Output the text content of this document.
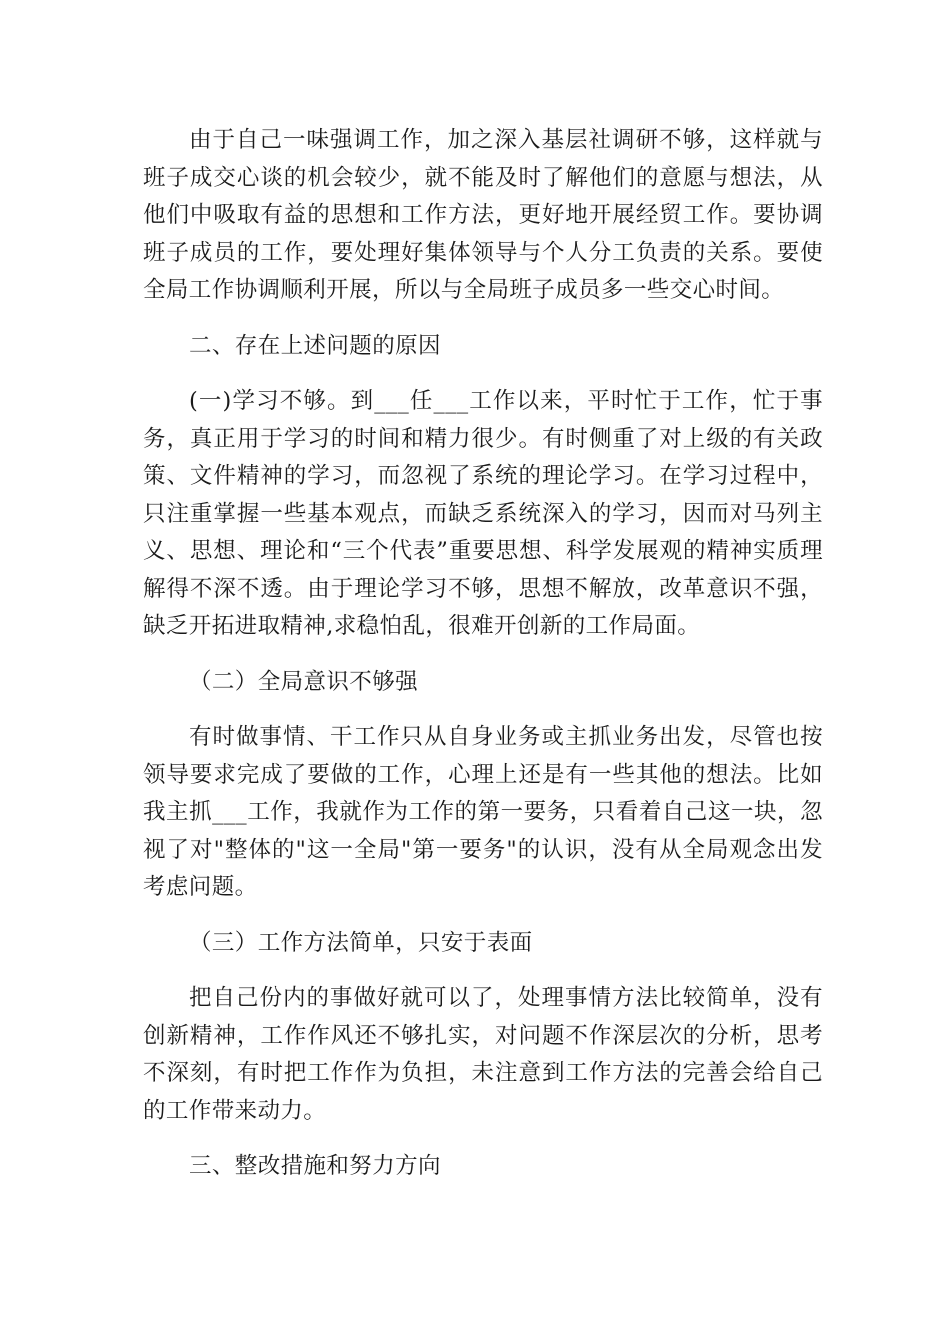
由于自己一味强调工作，加之深入基层社调研不够，这样就与班子成交心谈的机会较少，就不能及时了解他们的意愿与想法，从他们中吸取有益的思想和工作方法，更好地开展经贸工作。要协调班子成员的工作，要处理好集体领导与个人分工负责的关系。要使全局工作协调顺利开展，所以与全局班子成员多一些交心时间。

二、存在上述问题的原因

(一)学习不够。到___任___工作以来，平时忙于工作，忙于事务，真正用于学习的时间和精力很少。有时侧重了对上级的有关政策、文件精神的学习，而忽视了系统的理论学习。在学习过程中，只注重掌握一些基本观点，而缺乏系统深入的学习，因而对马列主义、思想、理论和“三个代表”重要思想、科学发展观的精神实质理解得不深不透。由于理论学习不够，思想不解放，改革意识不强，缺乏开拓进取精神,求稳怕乱，很难开创新的工作局面。

（二）全局意识不够强

有时做事情、干工作只从自身业务或主抓业务出发，尽管也按领导要求完成了要做的工作，心理上还是有一些其他的想法。比如我主抓___工作，我就作为工作的第一要务，只看着自己这一块，忽视了对"整体的"这一全局"第一要务"的认识，没有从全局观念出发考虑问题。

（三）工作方法简单，只安于表面

把自己份内的事做好就可以了，处理事情方法比较简单，没有创新精神，工作作风还不够扎实，对问题不作深层次的分析，思考不深刻，有时把工作作为负担，未注意到工作方法的完善会给自己的工作带来动力。

三、整改措施和努力方向
